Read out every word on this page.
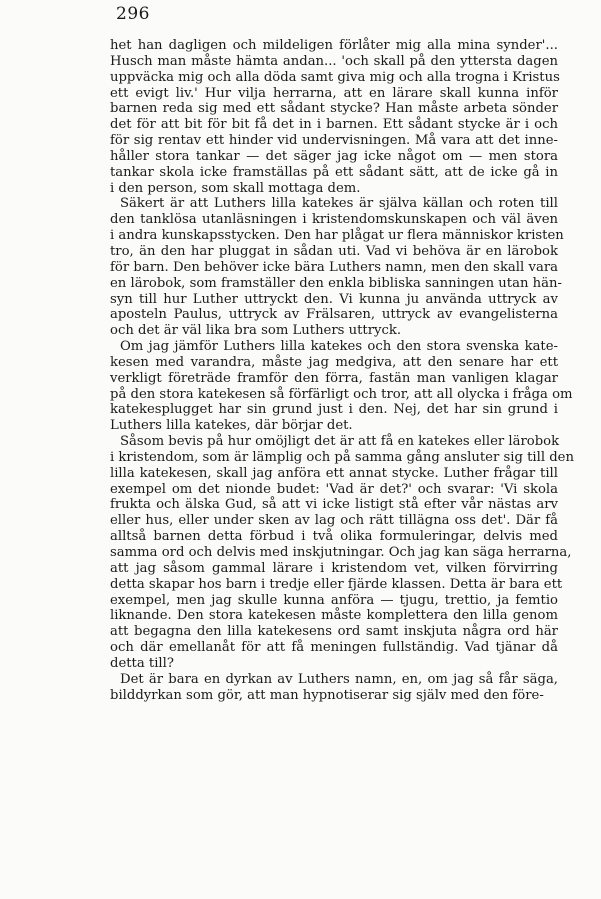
296
het han dagligen och mildeligen förlåter mig alla mina synder'...
Husch man måste hämta andan... 'och skall på den yttersta dagen
uppväcka mig och alla döda samt giva mig och alla trogna i Kristus
ett evigt liv.' Hur vilja herrarna, att en lärare skall kunna inför
barnen reda sig med ett sådant stycke? Han måste arbeta sönder
det för att bit för bit få det in i barnen. Ett sådant stycke är i och
för sig rentav ett hinder vid undervisningen. Må vara att det inne-
håller stora tankar — det säger jag icke något om — men stora
tankar skola icke framställas på ett sådant sätt, att de icke gå in
i den person, som skall mottaga dem.
Säkert är att Luthers lilla katekes är själva källan och roten till
den tanklösa utanläsningen i kristendomskunskapen och väl även
i andra kunskapsstycken. Den har plågat ur flera människor kristen
tro, än den har pluggat in sådan uti. Vad vi behöva är en lärobok
för barn. Den behöver icke bära Luthers namn, men den skall vara
en lärobok, som framställer den enkla bibliska sanningen utan hän-
syn till hur Luther uttryckt den. Vi kunna ju använda uttryck av
aposteln Paulus, uttryck av Frälsaren, uttryck av evangelisterna
och det är väl lika bra som Luthers uttryck.
Om jag jämför Luthers lilla katekes och den stora svenska kate-
kesen med varandra, måste jag medgiva, att den senare har ett
verkligt företräde framför den förra, fastän man vanligen klagar
på den stora katekesen så förfärligt och tror, att all olycka i fråga om
katekesplugget har sin grund just i den. Nej, det har sin grund i
Luthers lilla katekes, där börjar det.
Såsom bevis på hur omöjligt det är att få en katekes eller lärobok
i kristendom, som är lämplig och på samma gång ansluter sig till den
lilla katekesen, skall jag anföra ett annat stycke. Luther frågar till
exempel om det nionde budet: 'Vad är det?' och svarar: 'Vi skola
frukta och älska Gud, så att vi icke listigt stå efter vår nästas arv
eller hus, eller under sken av lag och rätt tillägna oss det'. Där få
alltså barnen detta förbud i två olika formuleringar, delvis med
samma ord och delvis med inskjutningar. Och jag kan säga herrarna,
att jag såsom gammal lärare i kristendom vet, vilken förvirring
detta skapar hos barn i tredje eller fjärde klassen. Detta är bara ett
exempel, men jag skulle kunna anföra — tjugu, trettio, ja femtio
liknande. Den stora katekesen måste komplettera den lilla genom
att begagna den lilla katekesens ord samt inskjuta några ord här
och där emellanåt för att få meningen fullständig. Vad tjänar då
detta till?
Det är bara en dyrkan av Luthers namn, en, om jag så får säga,
bilddyrkan som gör, att man hypnotiserar sig själv med den före-
